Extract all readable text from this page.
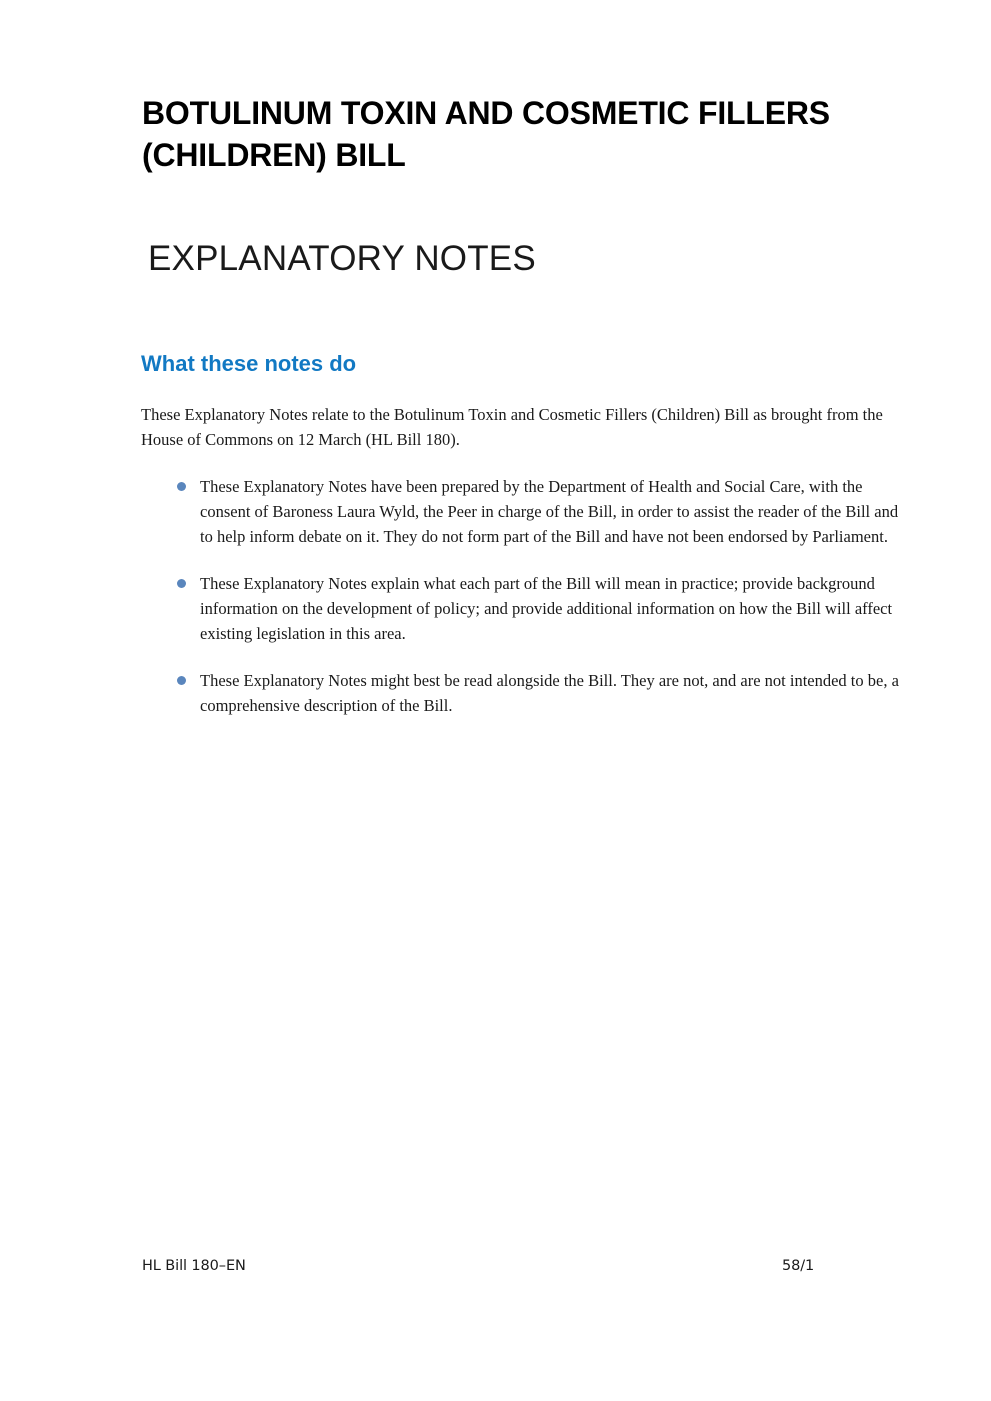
BOTULINUM TOXIN AND COSMETIC FILLERS (CHILDREN) BILL
EXPLANATORY NOTES
What these notes do

These Explanatory Notes relate to the Botulinum Toxin and Cosmetic Fillers (Children) Bill as brought from the House of Commons on 12 March (HL Bill 180).

These Explanatory Notes have been prepared by the Department of Health and Social Care, with the consent of Baroness Laura Wyld, the Peer in charge of the Bill, in order to assist the reader of the Bill and to help inform debate on it. They do not form part of the Bill and have not been endorsed by Parliament.
These Explanatory Notes explain what each part of the Bill will mean in practice; provide background information on the development of policy; and provide additional information on how the Bill will affect existing legislation in this area.
These Explanatory Notes might best be read alongside the Bill. They are not, and are not intended to be, a comprehensive description of the Bill.
HL Bill 180–EN	58/1
